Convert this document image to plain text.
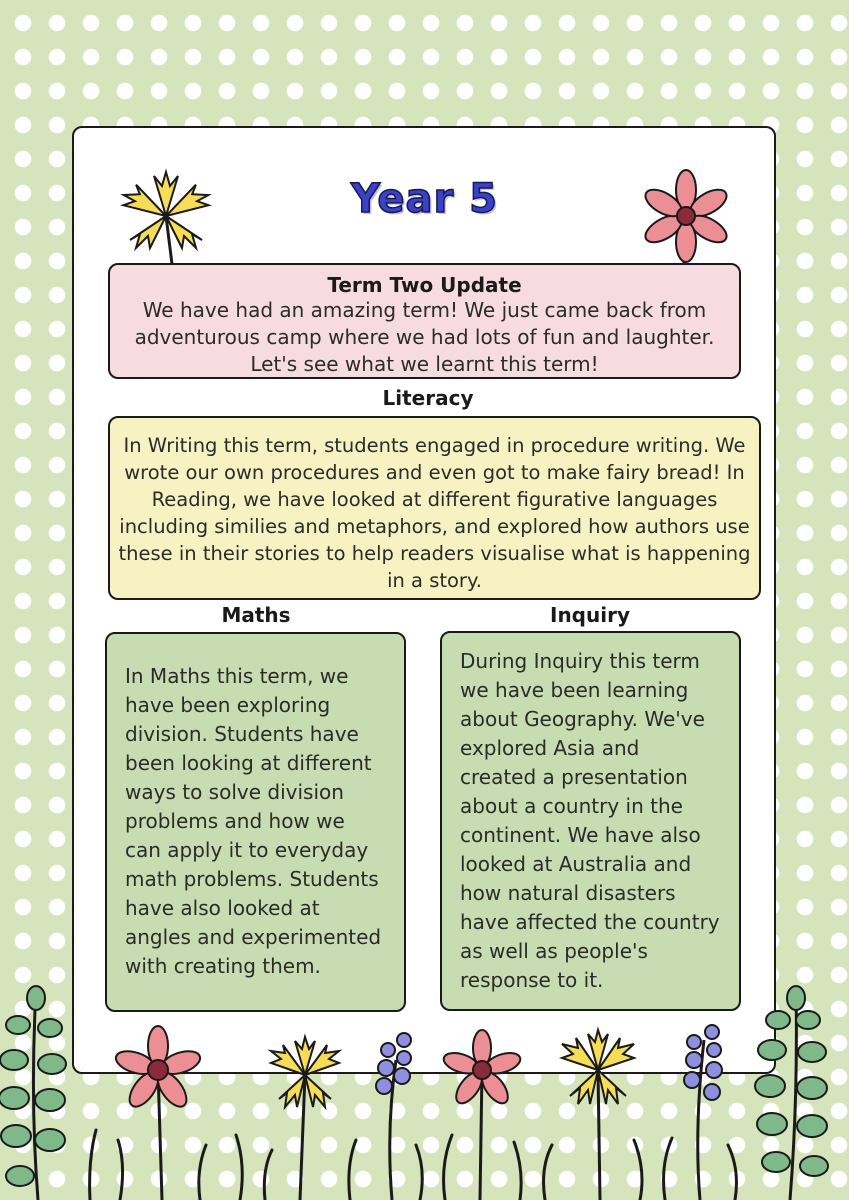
Year 5
Term Two Update
We have had an amazing term! We just came back from adventurous camp where we had lots of fun and laughter. Let's see what we learnt this term!
Literacy
In Writing this term, students engaged in procedure writing. We wrote our own procedures and even got to make fairy bread! In Reading, we have looked at different figurative languages including similies and metaphors, and explored how authors use these in their stories to help readers visualise what is happening in a story.
Maths
In Maths this term, we have been exploring division. Students have been looking at different ways to solve division problems and how we can apply it to everyday math problems. Students have also looked at angles and experimented with creating them.
Inquiry
During Inquiry this term we have been learning about Geography. We've explored Asia and created a presentation about a country in the continent. We have also looked at Australia and how natural disasters have affected the country as well as people's response to it.
